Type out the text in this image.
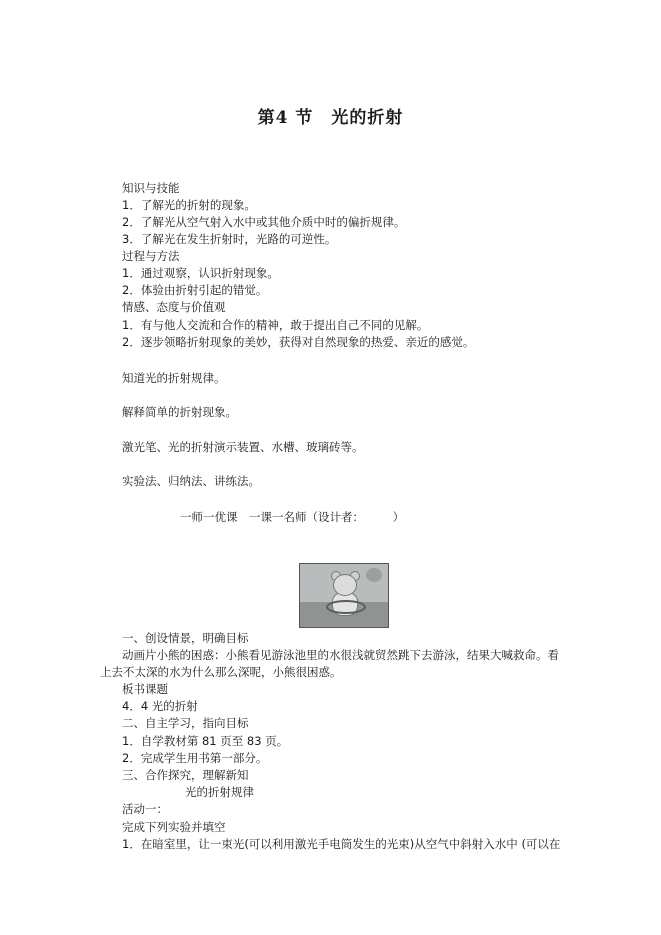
第4 节　光的折射
知识与技能
1．了解光的折射的现象。
2．了解光从空气射入水中或其他介质中时的偏折规律。
3．了解光在发生折射时，光路的可逆性。
过程与方法
1．通过观察，认识折射现象。
2．体验由折射引起的错觉。
情感、态度与价值观
1．有与他人交流和合作的精神，敢于提出自己不同的见解。
2．逐步领略折射现象的美妙，获得对自然现象的热爱、亲近的感觉。
知道光的折射规律。
解释简单的折射现象。
激光笔、光的折射演示装置、水槽、玻璃砖等。
实验法、归纳法、讲练法。
一师一优课　一课一名师（设计者：　　　）
一、创设情景，明确目标
动画片小熊的困惑：小熊看见游泳池里的水很浅就贸然跳下去游泳，结果大喊救命。看
上去不太深的水为什么那么深呢，小熊很困惑。
板书课题
4．4 光的折射
二、自主学习，指向目标
1．自学教材第 81 页至 83 页。
2．完成学生用书第一部分。
三、合作探究，理解新知
光的折射规律
活动一：
完成下列实验并填空
1．在暗室里，让一束光(可以利用激光手电筒发生的光束)从空气中斜射入水中 (可以在
